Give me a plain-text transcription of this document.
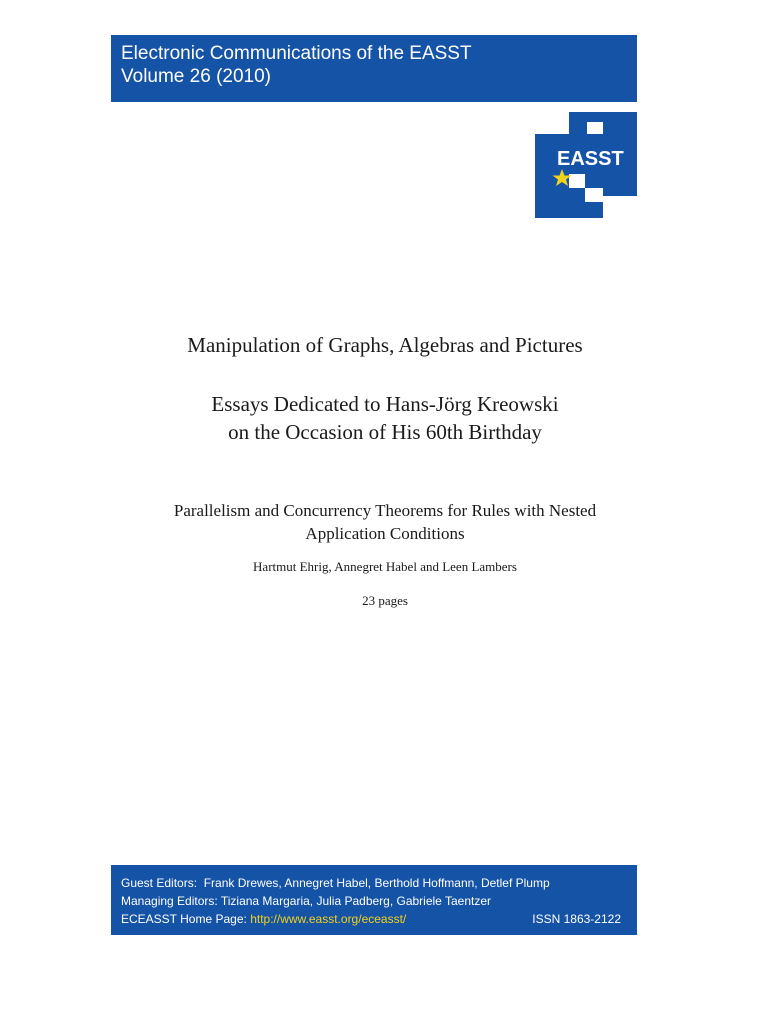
Electronic Communications of the EASST
Volume 26 (2010)
EASST
Manipulation of Graphs, Algebras and Pictures
Essays Dedicated to Hans-Jörg Kreowski
on the Occasion of His 60th Birthday
Parallelism and Concurrency Theorems for Rules with Nested
Application Conditions
Hartmut Ehrig, Annegret Habel and Leen Lambers
23 pages
Guest Editors: Frank Drewes, Annegret Habel, Berthold Hoffmann, Detlef Plump
Managing Editors: Tiziana Margaria, Julia Padberg, Gabriele Taentzer
ECEASST Home Page: http://www.easst.org/eceasst/	ISSN 1863-2122
